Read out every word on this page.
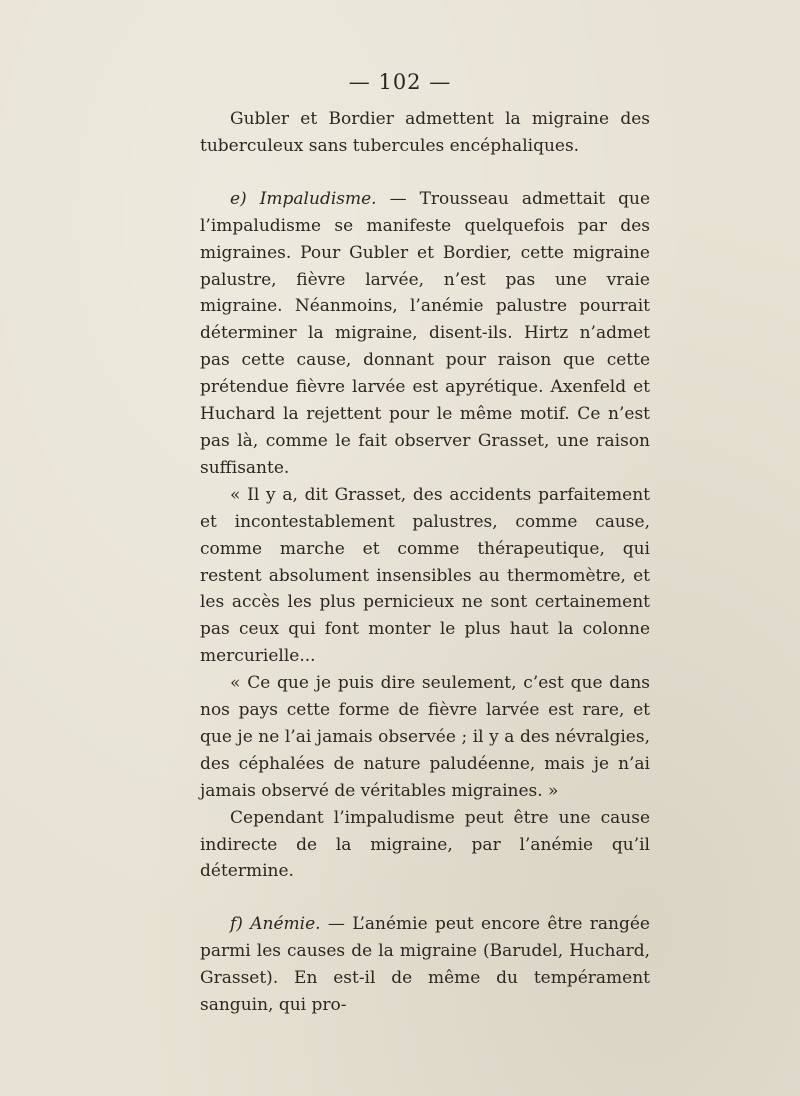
— 102 —

Gubler et Bordier admettent la migraine des tuberculeux sans tubercules encéphaliques.

e) Impaludisme. — Trousseau admettait que l’impaludisme se manifeste quelquefois par des migraines. Pour Gubler et Bordier, cette migraine palustre, fièvre larvée, n’est pas une vraie migraine. Néanmoins, l’anémie palustre pourrait déterminer la migraine, disent-ils. Hirtz n’admet pas cette cause, donnant pour raison que cette prétendue fièvre larvée est apyrétique. Axenfeld et Huchard la rejettent pour le même motif. Ce n’est pas là, comme le fait observer Grasset, une raison suffisante.

« Il y a, dit Grasset, des accidents parfaitement et incontestablement palustres, comme cause, comme marche et comme thérapeutique, qui restent absolument insensibles au thermomètre, et les accès les plus pernicieux ne sont certainement pas ceux qui font monter le plus haut la colonne mercurielle...

« Ce que je puis dire seulement, c’est que dans nos pays cette forme de fièvre larvée est rare, et que je ne l’ai jamais observée ; il y a des névralgies, des céphalées de nature paludéenne, mais je n’ai jamais observé de véritables migraines. »

Cependant l’impaludisme peut être une cause indirecte de la migraine, par l’anémie qu’il détermine.

f) Anémie. — L’anémie peut encore être rangée parmi les causes de la migraine (Barudel, Huchard, Grasset). En est-il de même du tempérament sanguin, qui pro-
